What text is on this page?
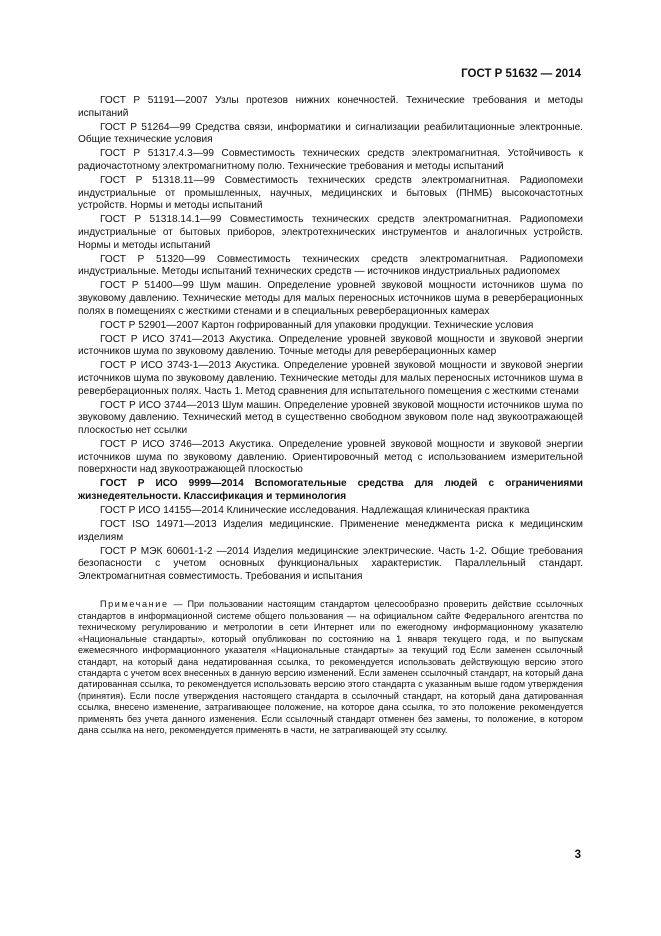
ГОСТ Р 51632 — 2014

ГОСТ Р 51191—2007 Узлы протезов нижних конечностей. Технические требования и методы испытаний

ГОСТ Р 51264—99 Средства связи, информатики и сигнализации реабилитационные электронные. Общие технические условия

ГОСТ Р 51317.4.3—99 Совместимость технических средств электромагнитная. Устойчивость к радиочастотному электромагнитному полю. Технические требования и методы испытаний

ГОСТ Р 51318.11—99 Совместимость технических средств электромагнитная. Радиопомехи индустриальные от промышленных, научных, медицинских и бытовых (ПНМБ) высокочастотных устройств. Нормы и методы испытаний

ГОСТ Р 51318.14.1—99 Совместимость технических средств электромагнитная. Радиопомехи индустриальные от бытовых приборов, электротехнических инструментов и аналогичных устройств. Нормы и методы испытаний

ГОСТ Р 51320—99 Совместимость технических средств электромагнитная. Радиопомехи индустриальные. Методы испытаний технических средств — источников индустриальных радиопомех

ГОСТ Р 51400—99 Шум машин. Определение уровней звуковой мощности источников шума по звуковому давлению. Технические методы для малых переносных источников шума в реверберационных полях в помещениях с жесткими стенами и в специальных реверберационных камерах

ГОСТ Р 52901—2007 Картон гофрированный для упаковки продукции. Технические условия

ГОСТ Р ИСО 3741—2013 Акустика. Определение уровней звуковой мощности и звуковой энергии источников шума по звуковому давлению. Точные методы для реверберационных камер

ГОСТ Р ИСО 3743-1—2013 Акустика. Определение уровней звуковой мощности и звуковой энергии источников шума по звуковому давлению. Технические методы для малых переносных источников шума в реверберационных полях. Часть 1. Метод сравнения для испытательного помещения с жесткими стенами

ГОСТ Р ИСО 3744—2013 Шум машин. Определение уровней звуковой мощности источников шума по звуковому давлению. Технический метод в существенно свободном звуковом поле над звукоотражающей плоскостью нет ссылки

ГОСТ Р ИСО 3746—2013 Акустика. Определение уровней звуковой мощности и звуковой энергии источников шума по звуковому давлению. Ориентировочный метод с использованием измерительной поверхности над звукоотражающей плоскостью

ГОСТ Р ИСО 9999—2014 Вспомогательные средства для людей с ограничениями жизнедеятельности. Классификация и терминология

ГОСТ Р ИСО 14155—2014 Клинические исследования. Надлежащая клиническая практика

ГОСТ ISO 14971—2013 Изделия медицинские. Применение менеджмента риска к медицинским изделиям

ГОСТ Р МЭК 60601-1-2 —2014 Изделия медицинские электрические. Часть 1-2. Общие требования безопасности с учетом основных функциональных характеристик. Параллельный стандарт. Электромагнитная совместимость. Требования и испытания

Примечание — При пользовании настоящим стандартом целесообразно проверить действие ссылочных стандартов в информационной системе общего пользования — на официальном сайте Федерального агентства по техническому регулированию и метрологии в сети Интернет или по ежегодному информационному указателю «Национальные стандарты», который опубликован по состоянию на 1 января текущего года, и по выпускам ежемесячного информационного указателя «Национальные стандарты» за текущий год Если заменен ссылочный стандарт, на который дана недатированная ссылка, то рекомендуется использовать действующую версию этого стандарта с учетом всех внесенных в данную версию изменений. Если заменен ссылочный стандарт, на который дана датированная ссылка, то рекомендуется использовать версию этого стандарта с указанным выше годом утверждения (принятия). Если после утверждения настоящего стандарта в ссылочный стандарт, на который дана датированная ссылка, внесено изменение, затрагивающее положение, на которое дана ссылка, то это положение рекомендуется применять без учета данного изменения. Если ссылочный стандарт отменен без замены, то положение, в котором дана ссылка на него, рекомендуется применять в части, не затрагивающей эту ссылку.

3
